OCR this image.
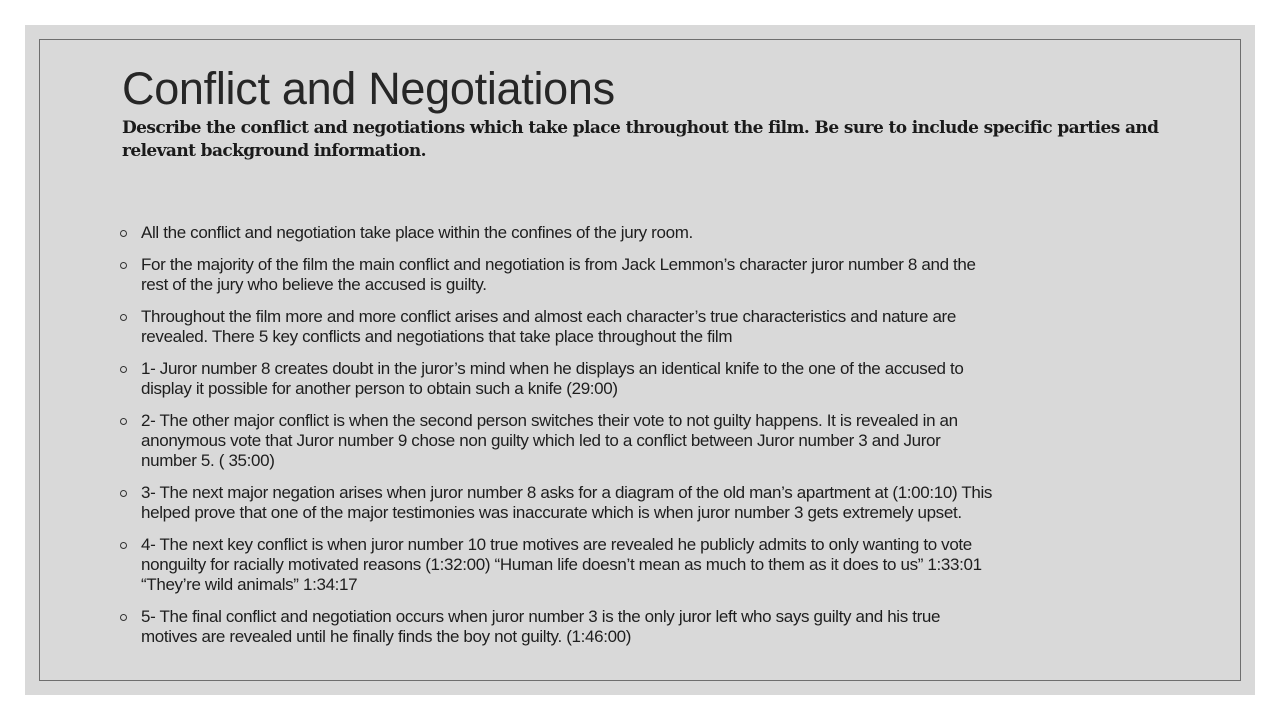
Conflict and Negotiations
Describe the conflict and negotiations which take place throughout the film. Be sure to include specific parties and relevant background information.
All the conflict and negotiation take place within the confines of the jury room.
For the majority of the film the main conflict and negotiation is from Jack Lemmon’s character juror number 8 and the
rest of the jury who believe the accused is guilty.
Throughout the film more and more conflict arises and almost each character’s true characteristics and nature are
revealed. There 5 key conflicts and negotiations that take place throughout the film
1- Juror number 8 creates doubt in the juror’s mind when he displays an identical knife to the one of the accused to
display it possible for another person to obtain such a knife (29:00)
2- The other major conflict is when the second person switches their vote to not guilty happens. It is revealed in an
anonymous vote that Juror number 9 chose non guilty which led to a conflict between Juror number 3 and Juror
number 5. ( 35:00)
3- The next major negation arises when juror number 8 asks for a diagram of the old man’s apartment at (1:00:10) This
helped prove that one of the major testimonies was inaccurate which is when juror number 3 gets extremely upset.
4- The next key conflict is when juror number 10 true motives are revealed he publicly admits to only wanting to vote
nonguilty for racially motivated reasons (1:32:00) “Human life doesn’t mean as much to them as it does to us” 1:33:01
“They’re wild animals” 1:34:17
5- The final conflict and negotiation occurs when juror number 3 is the only juror left who says guilty and his true
motives are revealed until he finally finds the boy not guilty. (1:46:00)
